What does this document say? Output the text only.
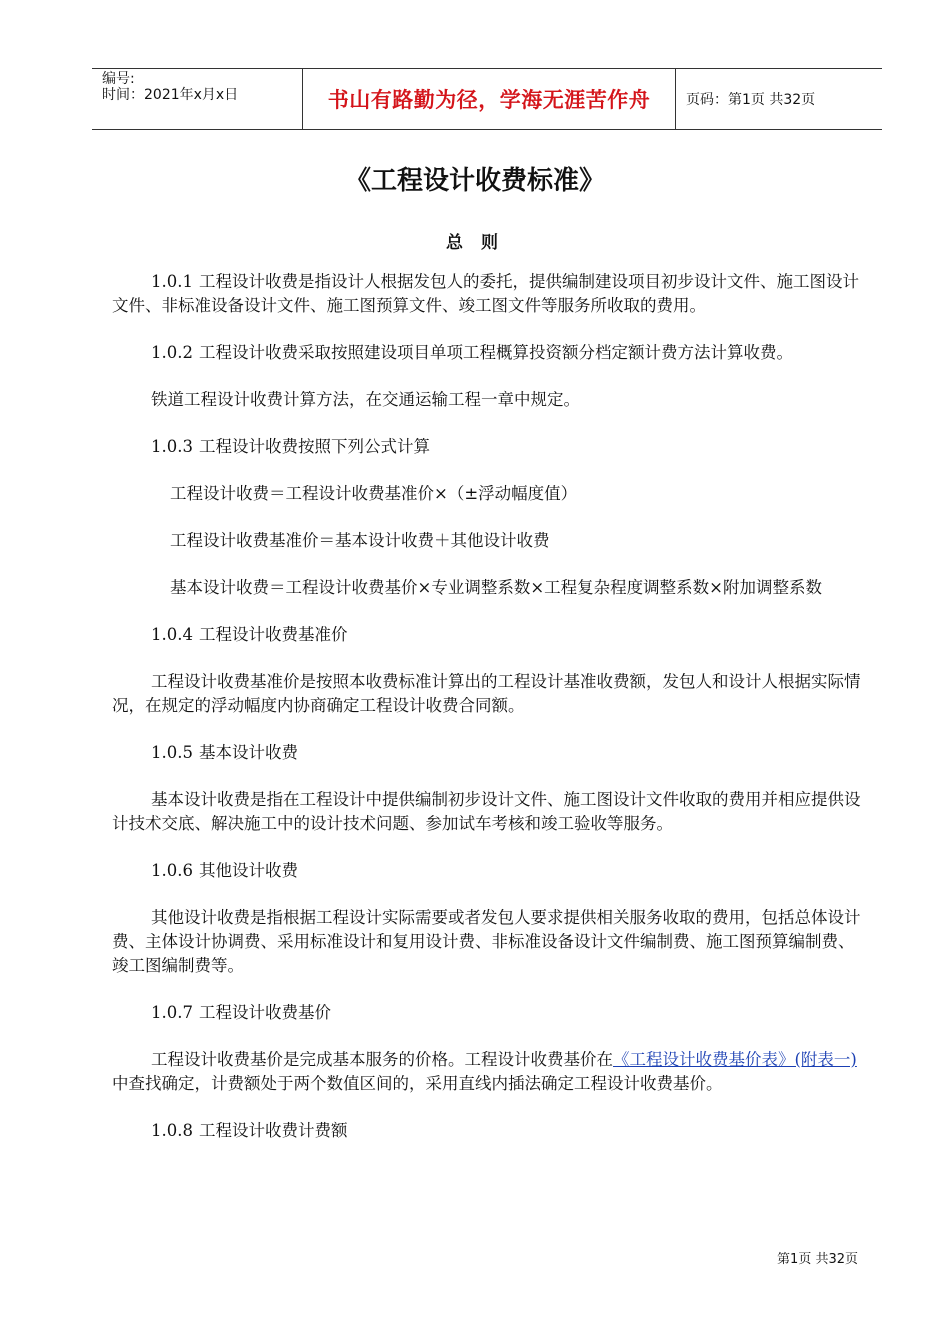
编号:
时间：2021年x月x日	书山有路勤为径，学海无涯苦作舟	页码：第1页 共32页
《工程设计收费标准》
总 则

1.0.1 工程设计收费是指设计人根据发包人的委托，提供编制建设项目初步设计文件、施工图设计文件、非标准设备设计文件、施工图预算文件、竣工图文件等服务所收取的费用。

1.0.2 工程设计收费采取按照建设项目单项工程概算投资额分档定额计费方法计算收费。

铁道工程设计收费计算方法，在交通运输工程一章中规定。

1.0.3 工程设计收费按照下列公式计算

工程设计收费＝工程设计收费基准价×（±浮动幅度值）

工程设计收费基准价＝基本设计收费＋其他设计收费

基本设计收费＝工程设计收费基价×专业调整系数×工程复杂程度调整系数×附加调整系数

1.0.4 工程设计收费基准价

工程设计收费基准价是按照本收费标准计算出的工程设计基准收费额，发包人和设计人根据实际情况，在规定的浮动幅度内协商确定工程设计收费合同额。

1.0.5 基本设计收费

基本设计收费是指在工程设计中提供编制初步设计文件、施工图设计文件收取的费用并相应提供设计技术交底、解决施工中的设计技术问题、参加试车考核和竣工验收等服务。

1.0.6 其他设计收费

其他设计收费是指根据工程设计实际需要或者发包人要求提供相关服务收取的费用，包括总体设计费、主体设计协调费、采用标准设计和复用设计费、非标准设备设计文件编制费、施工图预算编制费、竣工图编制费等。

1.0.7 工程设计收费基价

工程设计收费基价是完成基本服务的价格。工程设计收费基价在《工程设计收费基价表》(附表一)中查找确定，计费额处于两个数值区间的，采用直线内插法确定工程设计收费基价。

1.0.8 工程设计收费计费额

第1页 共32页
